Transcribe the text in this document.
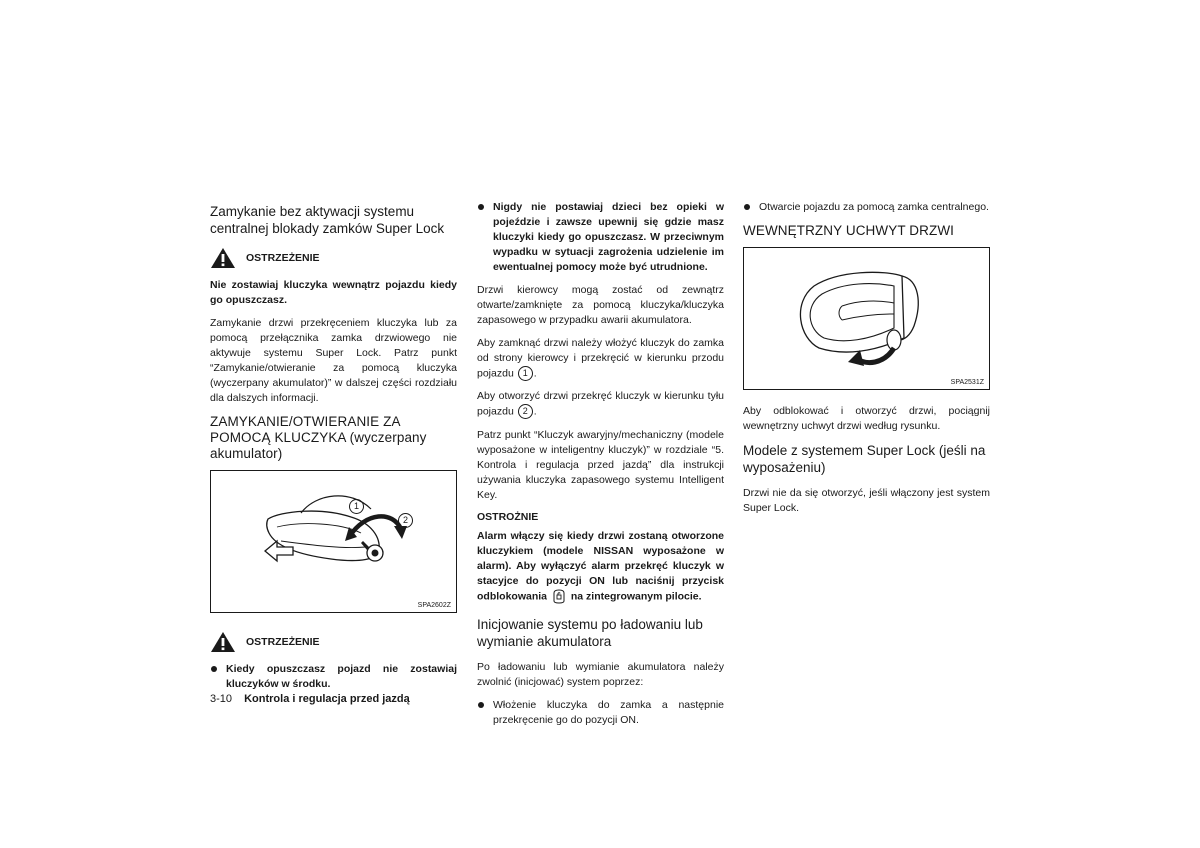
Zamykanie bez aktywacji systemu centralnej blokady zamków Super Lock
OSTRZEŻENIE

Nie zostawiaj kluczyka wewnątrz pojazdu kiedy go opuszczasz.

Zamykanie drzwi przekręceniem kluczyka lub za pomocą przełącznika zamka drzwiowego nie aktywuje systemu Super Lock. Patrz punkt “Zamykanie/otwieranie za pomocą kluczyka (wyczerpany akumulator)” w dalszej części rozdziału dla dalszych informacji.

ZAMYKANIE/OTWIERANIE ZA POMOCĄ KLUCZYKA (wyczerpany akumulator)
1
2
SPA2602Z
OSTRZEŻENIE
Kiedy opuszczasz pojazd nie zostawiaj kluczyków w środku.
Nigdy nie postawiaj dzieci bez opieki w pojeździe i zawsze upewnij się gdzie masz kluczyki kiedy go opuszczasz. W przeciwnym wypadku w sytuacji zagrożenia udzielenie im ewentualnej pomocy może być utrudnione.

Drzwi kierowcy mogą zostać od zewnątrz otwarte/zamknięte za pomocą kluczyka/kluczyka zapasowego w przypadku awarii akumulatora.

Aby zamknąć drzwi należy włożyć kluczyk do zamka od strony kierowcy i przekręcić w kierunku przodu pojazdu 1 .

Aby otworzyć drzwi przekręć kluczyk w kierunku tyłu pojazdu 2 .

Patrz punkt “Kluczyk awaryjny/mechaniczny (modele wyposażone w inteligentny kluczyk)” w rozdziale “5. Kontrola i regulacja przed jazdą” dla instrukcji używania kluczyka zapasowego systemu Intelligent Key.

OSTROŻNIE

Alarm włączy się kiedy drzwi zostaną otworzone kluczykiem (modele NISSAN wyposażone w alarm). Aby wyłączyć alarm przekręć kluczyk w stacyjce do pozycji ON lub naciśnij przycisk odblokowania na zintegrowanym pilocie.

Inicjowanie systemu po ładowaniu lub wymianie akumulatora

Po ładowaniu lub wymianie akumulatora należy zwolnić (inicjować) system poprzez:

Włożenie kluczyka do zamka a następnie przekręcenie go do pozycji ON.
Otwarcie pojazdu za pomocą zamka centralnego.
WEWNĘTRZNY UCHWYT DRZWI
SPA2531Z

Aby odblokować i otworzyć drzwi, pociągnij wewnętrzny uchwyt drzwi według rysunku.

Modele z systemem Super Lock (jeśli na wyposażeniu)

Drzwi nie da się otworzyć, jeśli włączony jest system Super Lock.

3-10 Kontrola i regulacja przed jazdą
